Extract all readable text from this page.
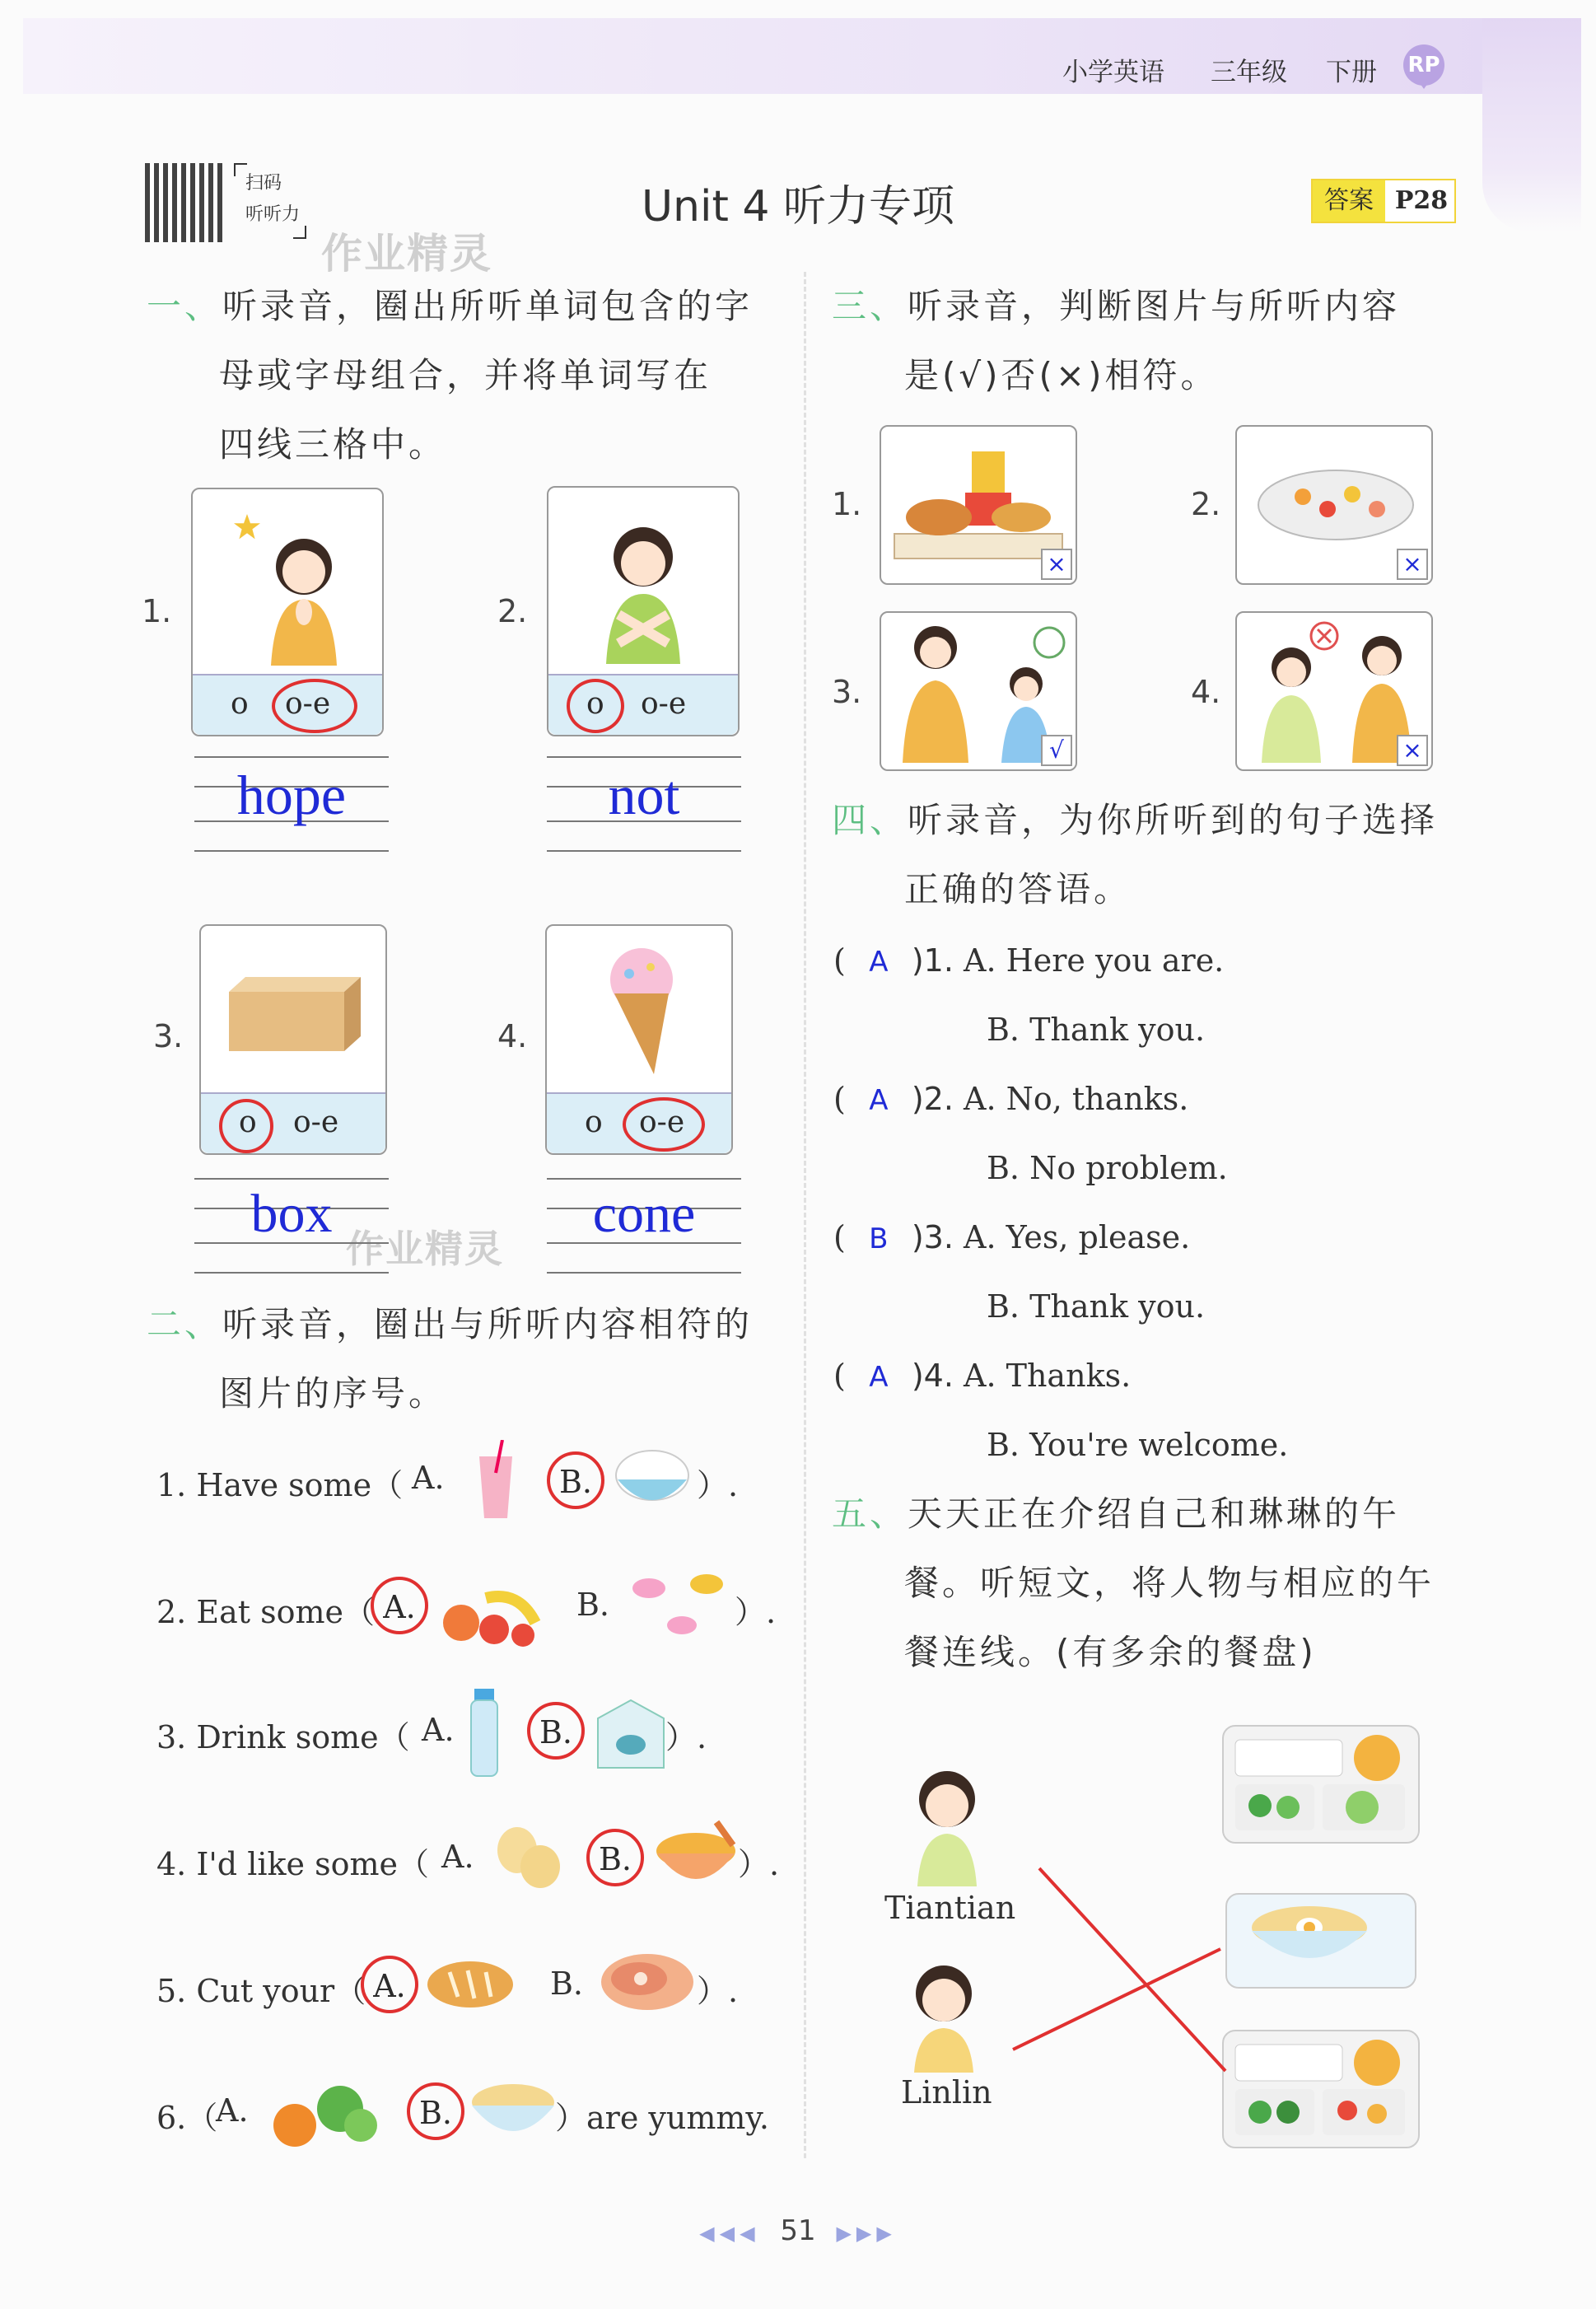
小学英语 三年级 下册 RP
扫码
听听力	Unit 4 听力专项	答案 P28
作业精灵
作业精灵
一、听录音，圈出所听单词包含的字
母或字母组合，并将单词写在
四线三格中。
1.
o o-e
hope
2.
o o-e
not
3.
o o-e
box
4.
o o-e
cone
二、听录音，圈出与所听内容相符的
图片的序号。
1. Have some（ A.	B.	）.
2. Eat some（ A.	B.	）.
3. Drink some（ A.	B.	）.
4. I'd like some（ A.	B.	）.
5. Cut your（ A.	B.	）.
6.（
A.	B.	）are yummy.
三、听录音，判断图片与所听内容
是(√)否(×)相符。
1.
×
2.
×
3.
√
4.
×
四、听录音，为你所听到的句子选择
正确的答语。
( A )1. A. Here you are.
B. Thank you.
( A )2. A. No, thanks.
B. No problem.
( B )3. A. Yes, please.
B. Thank you.
( A )4. A. Thanks.
B. You're welcome.
五、天天正在介绍自己和琳琳的午
餐。听短文，将人物与相应的午
餐连线。(有多余的餐盘)
Tiantian
Linlin
◀◀◀ 51 ▶▶▶
